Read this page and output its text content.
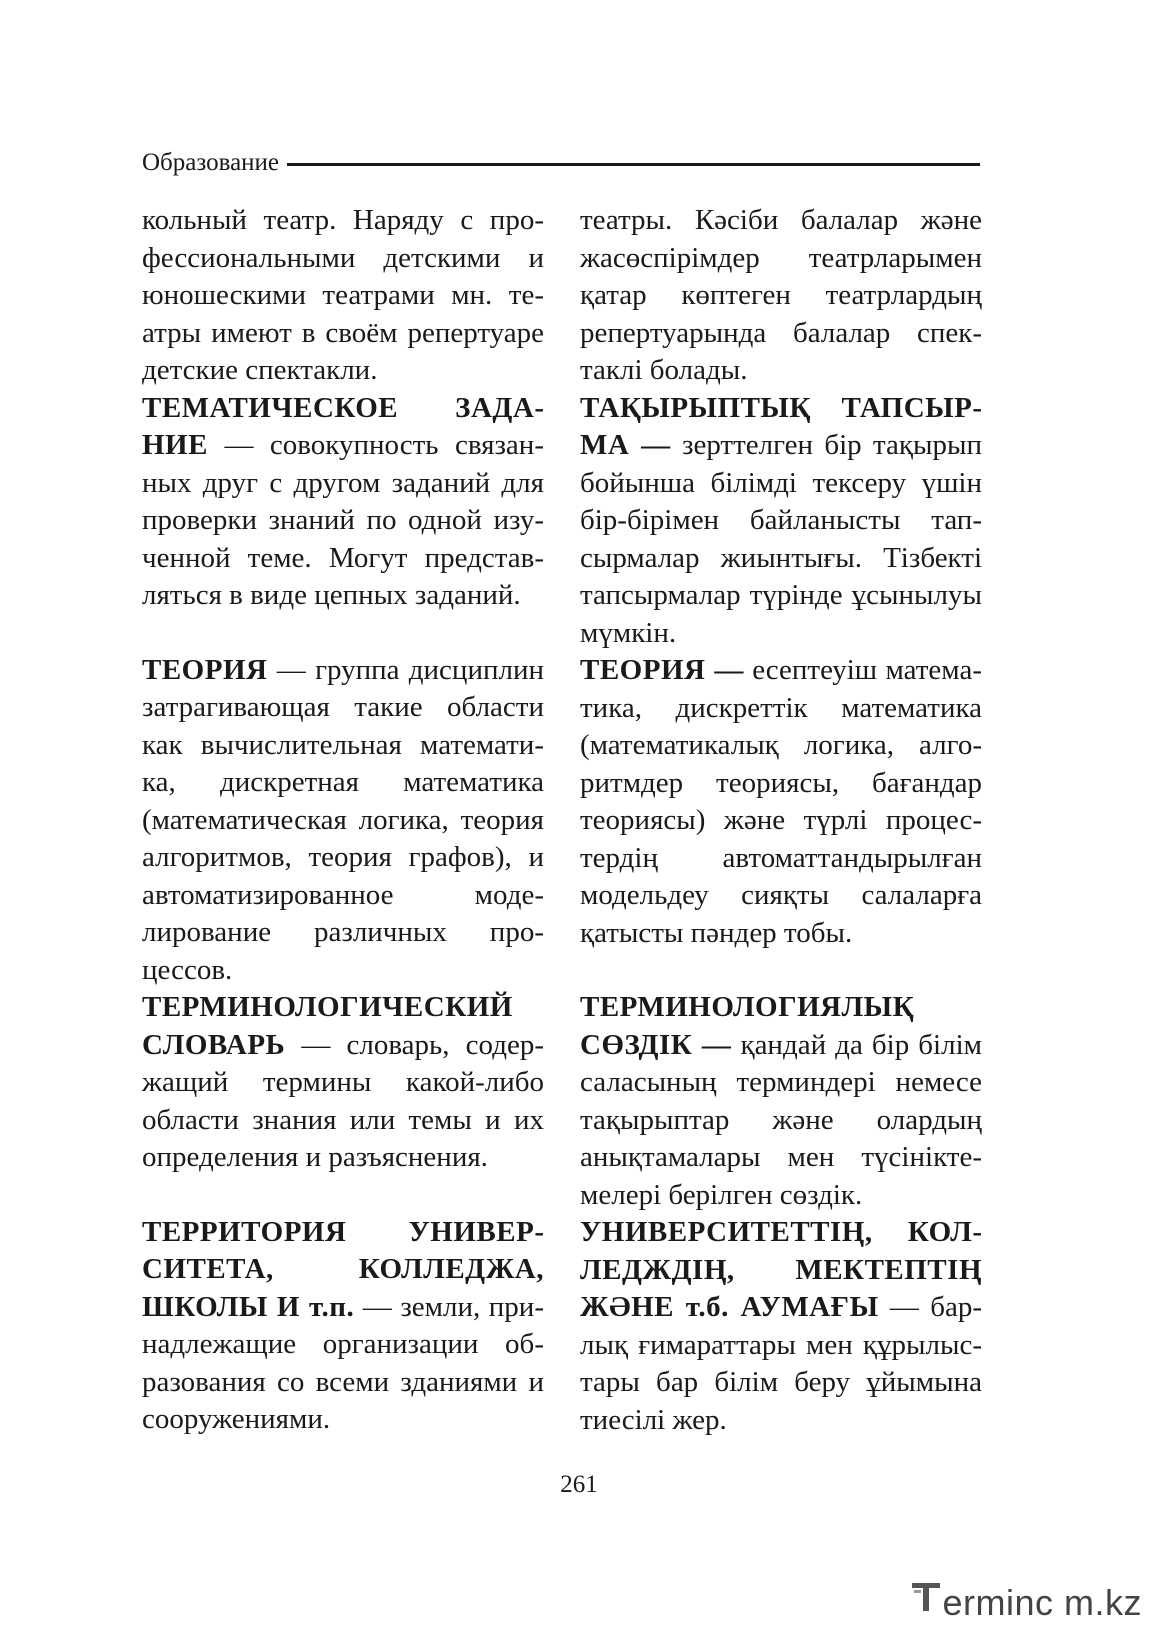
Образование

кольный театр. Наряду с профессиональными детскими и юношескими театрами мн. театры имеют в своём репертуаре детские спектакли.

ТЕМАТИЧЕСКОЕ ЗАДАНИЕ — совокупность связанных друг с другом заданий для проверки знаний по одной изученной теме. Могут представляться в виде цепных заданий.

ТЕОРИЯ — группа дисциплин затрагивающая такие области как вычислительная математика, дискретная математика (математическая логика, теория алгоритмов, теория графов), и автоматизированное моделирование различных процессов.

ТЕРМИНОЛОГИЧЕСКИЙ СЛОВАРЬ — словарь, содержащий термины какой-либо области знания или темы и их определения и разъяснения.

ТЕРРИТОРИЯ УНИВЕРСИТЕТА, КОЛЛЕДЖА, ШКОЛЫ И т.п. — земли, принадлежащие организации образования со всеми зданиями и сооружениями.

театры. Кәсіби балалар және жасөспірімдер театрларымен қатар көптеген театрлардың репертуарында балалар спектаклі болады.

ТАҚЫРЫПТЫҚ ТАПСЫРМА — зерттелген бір тақырып бойынша білімді тексеру үшін бір-бірімен байланысты тапсырмалар жиынтығы. Тізбекті тапсырмалар түрінде ұсынылуы мүмкін.

ТЕОРИЯ — есептеуіш математика, дискреттік математика (математикалық логика, алгоритмдер теориясы, бағандар теориясы) және түрлі процестердің автоматтандырылған модельдеу сияқты салаларға қатысты пәндер тобы.

ТЕРМИНОЛОГИЯЛЫҚ СӨЗДІК — қандай да бір білім саласының терминдері немесе тақырыптар және олардың анықтамалары мен түсініктемелері берілген сөздік.

УНИВЕРСИТЕТТІҢ, КОЛЛЕДЖДІҢ, МЕКТЕПТІҢ ЖӘНЕ т.б. АУМАҒЫ — барлық ғимараттары мен құрылыстары бар білім беру ұйымына тиесілі жер.

261
erminc m.kz
